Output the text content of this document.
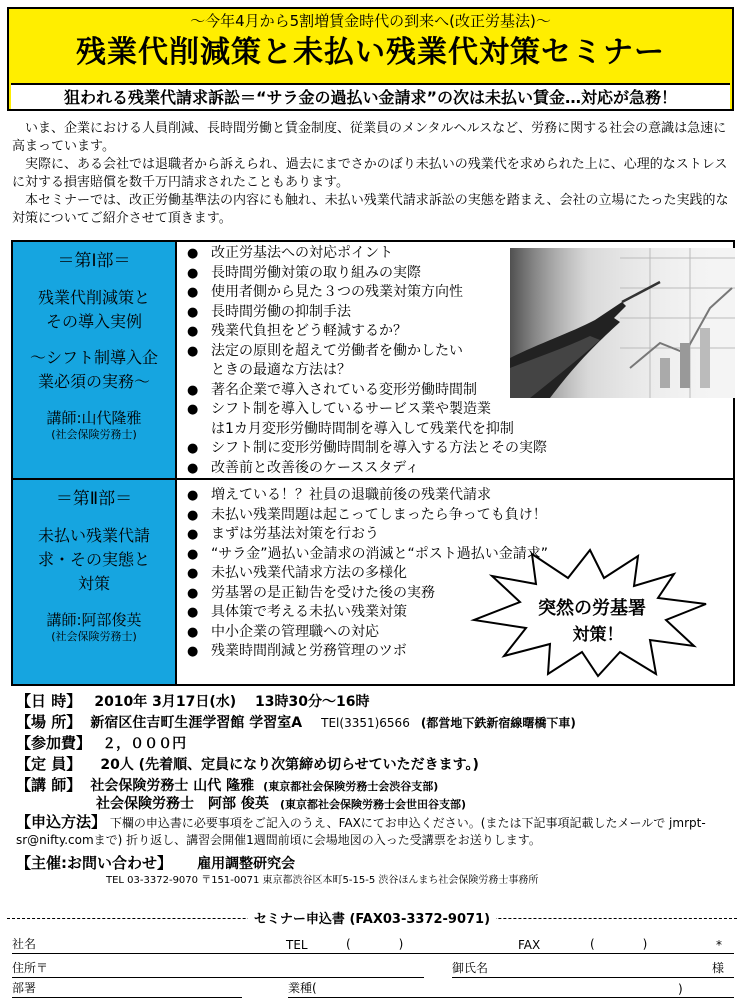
～今年4月から5割増賃金時代の到来へ(改正労基法)～
残業代削減策と未払い残業代対策セミナー
狙われる残業代請求訴訟＝“サラ金の過払い金請求”の次は未払い賃金…対応が急務！

いま、企業における人員削減、長時間労働と賃金制度、従業員のメンタルヘルスなど、労務に関する社会の意識は急速に高まっています。

実際に、ある会社では退職者から訴えられ、過去にまでさかのぼり未払いの残業代を求められた上に、心理的なストレスに対する損害賠償を数千万円請求されたこともあります。

本セミナーでは、改正労働基準法の内容にも触れ、未払い残業代請求訴訟の実態を踏まえ、会社の立場にたった実践的な対策についてご紹介させて頂きます。

＝第Ⅰ部＝
残業代削減策と
その導入実例
～シフト制導入企
業必須の実務～
講師:山代隆雅
(社会保険労務士)
● 改正労基法への対応ポイント
● 長時間労働対策の取り組みの実際
● 使用者側から見た３つの残業対策方向性
● 長時間労働の抑制手法
● 残業代負担をどう軽減するか？
● 法定の原則を超えて労働者を働かしたい
ときの最適な方法は？
● 著名企業で導入されている変形労働時間制
● シフト制を導入しているサービス業や製造業
は1カ月変形労働時間制を導入して残業代を抑制
● シフト制に変形労働時間制を導入する方法とその実際
● 改善前と改善後のケーススタディ
＝第Ⅱ部＝
未払い残業代請
求・その実態と
対策
講師:阿部俊英
(社会保険労務士)
● 増えている！？社員の退職前後の残業代請求
● 未払い残業問題は起こってしまったら争っても負け！
● まずは労基法対策を行おう
● “サラ金”過払い金請求の消滅と“ポスト過払い金請求”
● 未払い残業代請求方法の多様化
● 労基署の是正勧告を受けた後の実務
● 具体策で考える未払い残業対策
● 中小企業の管理職への対応
● 残業時間削減と労務管理のツボ
突然の労基署
対策！
【日 時】 2010年 3月17日(水)　 13時30分～16時
【場 所】 新宿区住吉町生涯学習館 学習室A TEl(3351)6566 (都営地下鉄新宿線曙橋下車)
【参加費】 ２，０００円
【定 員】 20人 (先着順、定員になり次第締め切らせていただきます。)
【講 師】 社会保険労務士 山代 隆雅 (東京都社会保険労務士会渋谷支部)
社会保険労務士　阿部 俊英 (東京都社会保険労務士会世田谷支部)
【申込方法】 下欄の申込書に必要事項をご記入のうえ、FAXにてお申込ください。(または下記事項記載したメールで jmrpt-sr@nifty.comまで) 折り返し、講習会開催1週間前頃に会場地図の入った受講票をお送りします。
【主催:お問い合わせ】 雇用調整研究会
TEL 03-3372-9070 〒151-0071 東京都渋谷区本町5-15-5 渋谷ほんまち社会保険労務士事務所
セミナー申込書 (FAX03-3372-9071)
社名	TEL	(　　　　)	FAX	(　　　　)	*
住所〒	御氏名	様
部署	業種(	)
